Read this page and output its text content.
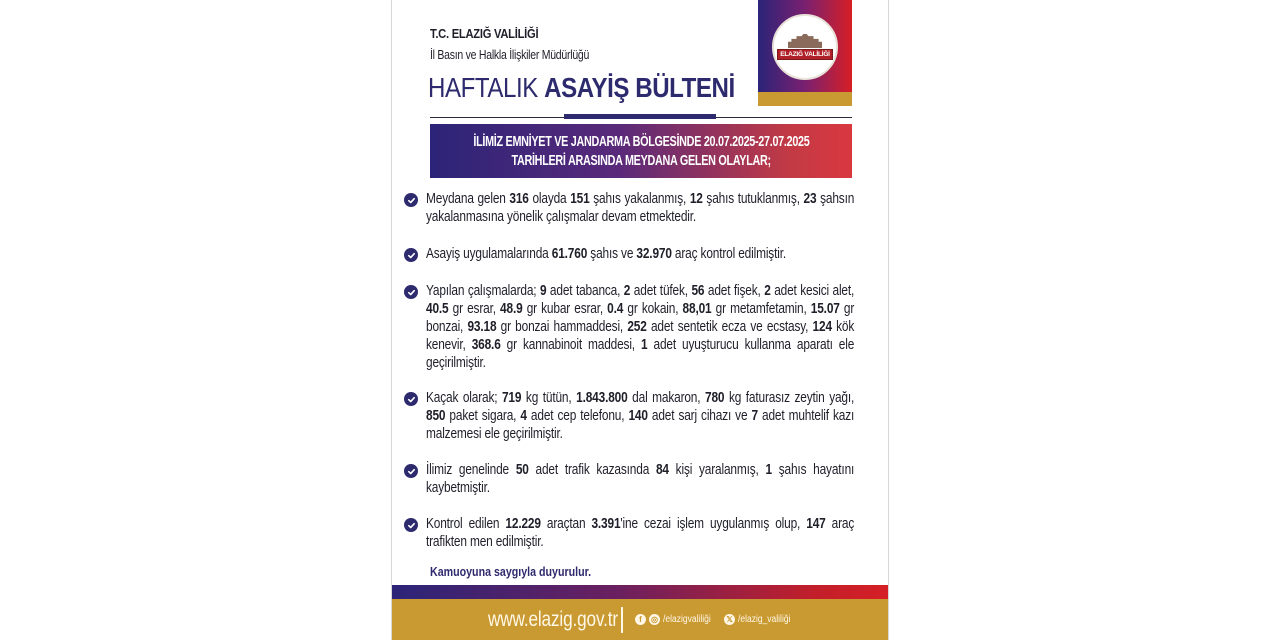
T.C. ELAZIĞ VALİLİĞİ
İl Basın ve Halkla İlişkiler Müdürlüğü
HAFTALIK ASAYİŞ BÜLTENİ
ELAZIĞ VALİLİĞİ
İLİMİZ EMNİYET VE JANDARMA BÖLGESİNDE 20.07.2025-27.07.2025
TARİHLERİ ARASINDA MEYDANA GELEN OLAYLAR;
Meydana gelen 316 olayda 151 şahıs yakalanmış, 12 şahıs tutuklanmış, 23 şahsın yakalanmasına yönelik çalışmalar devam etmektedir.
Asayiş uygulamalarında 61.760 şahıs ve 32.970 araç kontrol edilmiştir.
Yapılan çalışmalarda; 9 adet tabanca, 2 adet tüfek, 56 adet fişek, 2 adet kesici alet, 40.5 gr esrar, 48.9 gr kubar esrar, 0.4 gr kokain, 88,01 gr metamfetamin, 15.07 gr bonzai, 93.18 gr bonzai hammaddesi, 252 adet sentetik ecza ve ecstasy, 124 kök kenevir, 368.6 gr kannabinoit maddesi, 1 adet uyuşturucu kullanma aparatı ele geçirilmiştir.
Kaçak olarak; 719 kg tütün, 1.843.800 dal makaron, 780 kg faturasız zeytin yağı, 850 paket sigara, 4 adet cep telefonu, 140 adet sarj cihazı ve 7 adet muhtelif kazı malzemesi ele geçirilmiştir.
İlimiz genelinde 50 adet trafik kazasında 84 kişi yaralanmış, 1 şahıs hayatını kaybetmiştir.
Kontrol edilen 12.229 araçtan 3.391'ine cezai işlem uygulanmış olup, 147 araç trafikten men edilmiştir.
Kamuoyuna saygıyla duyurulur.
www.elazig.gov.tr	f	◎ /elazigvaliliği 𝕏 /elazig_valiliği
